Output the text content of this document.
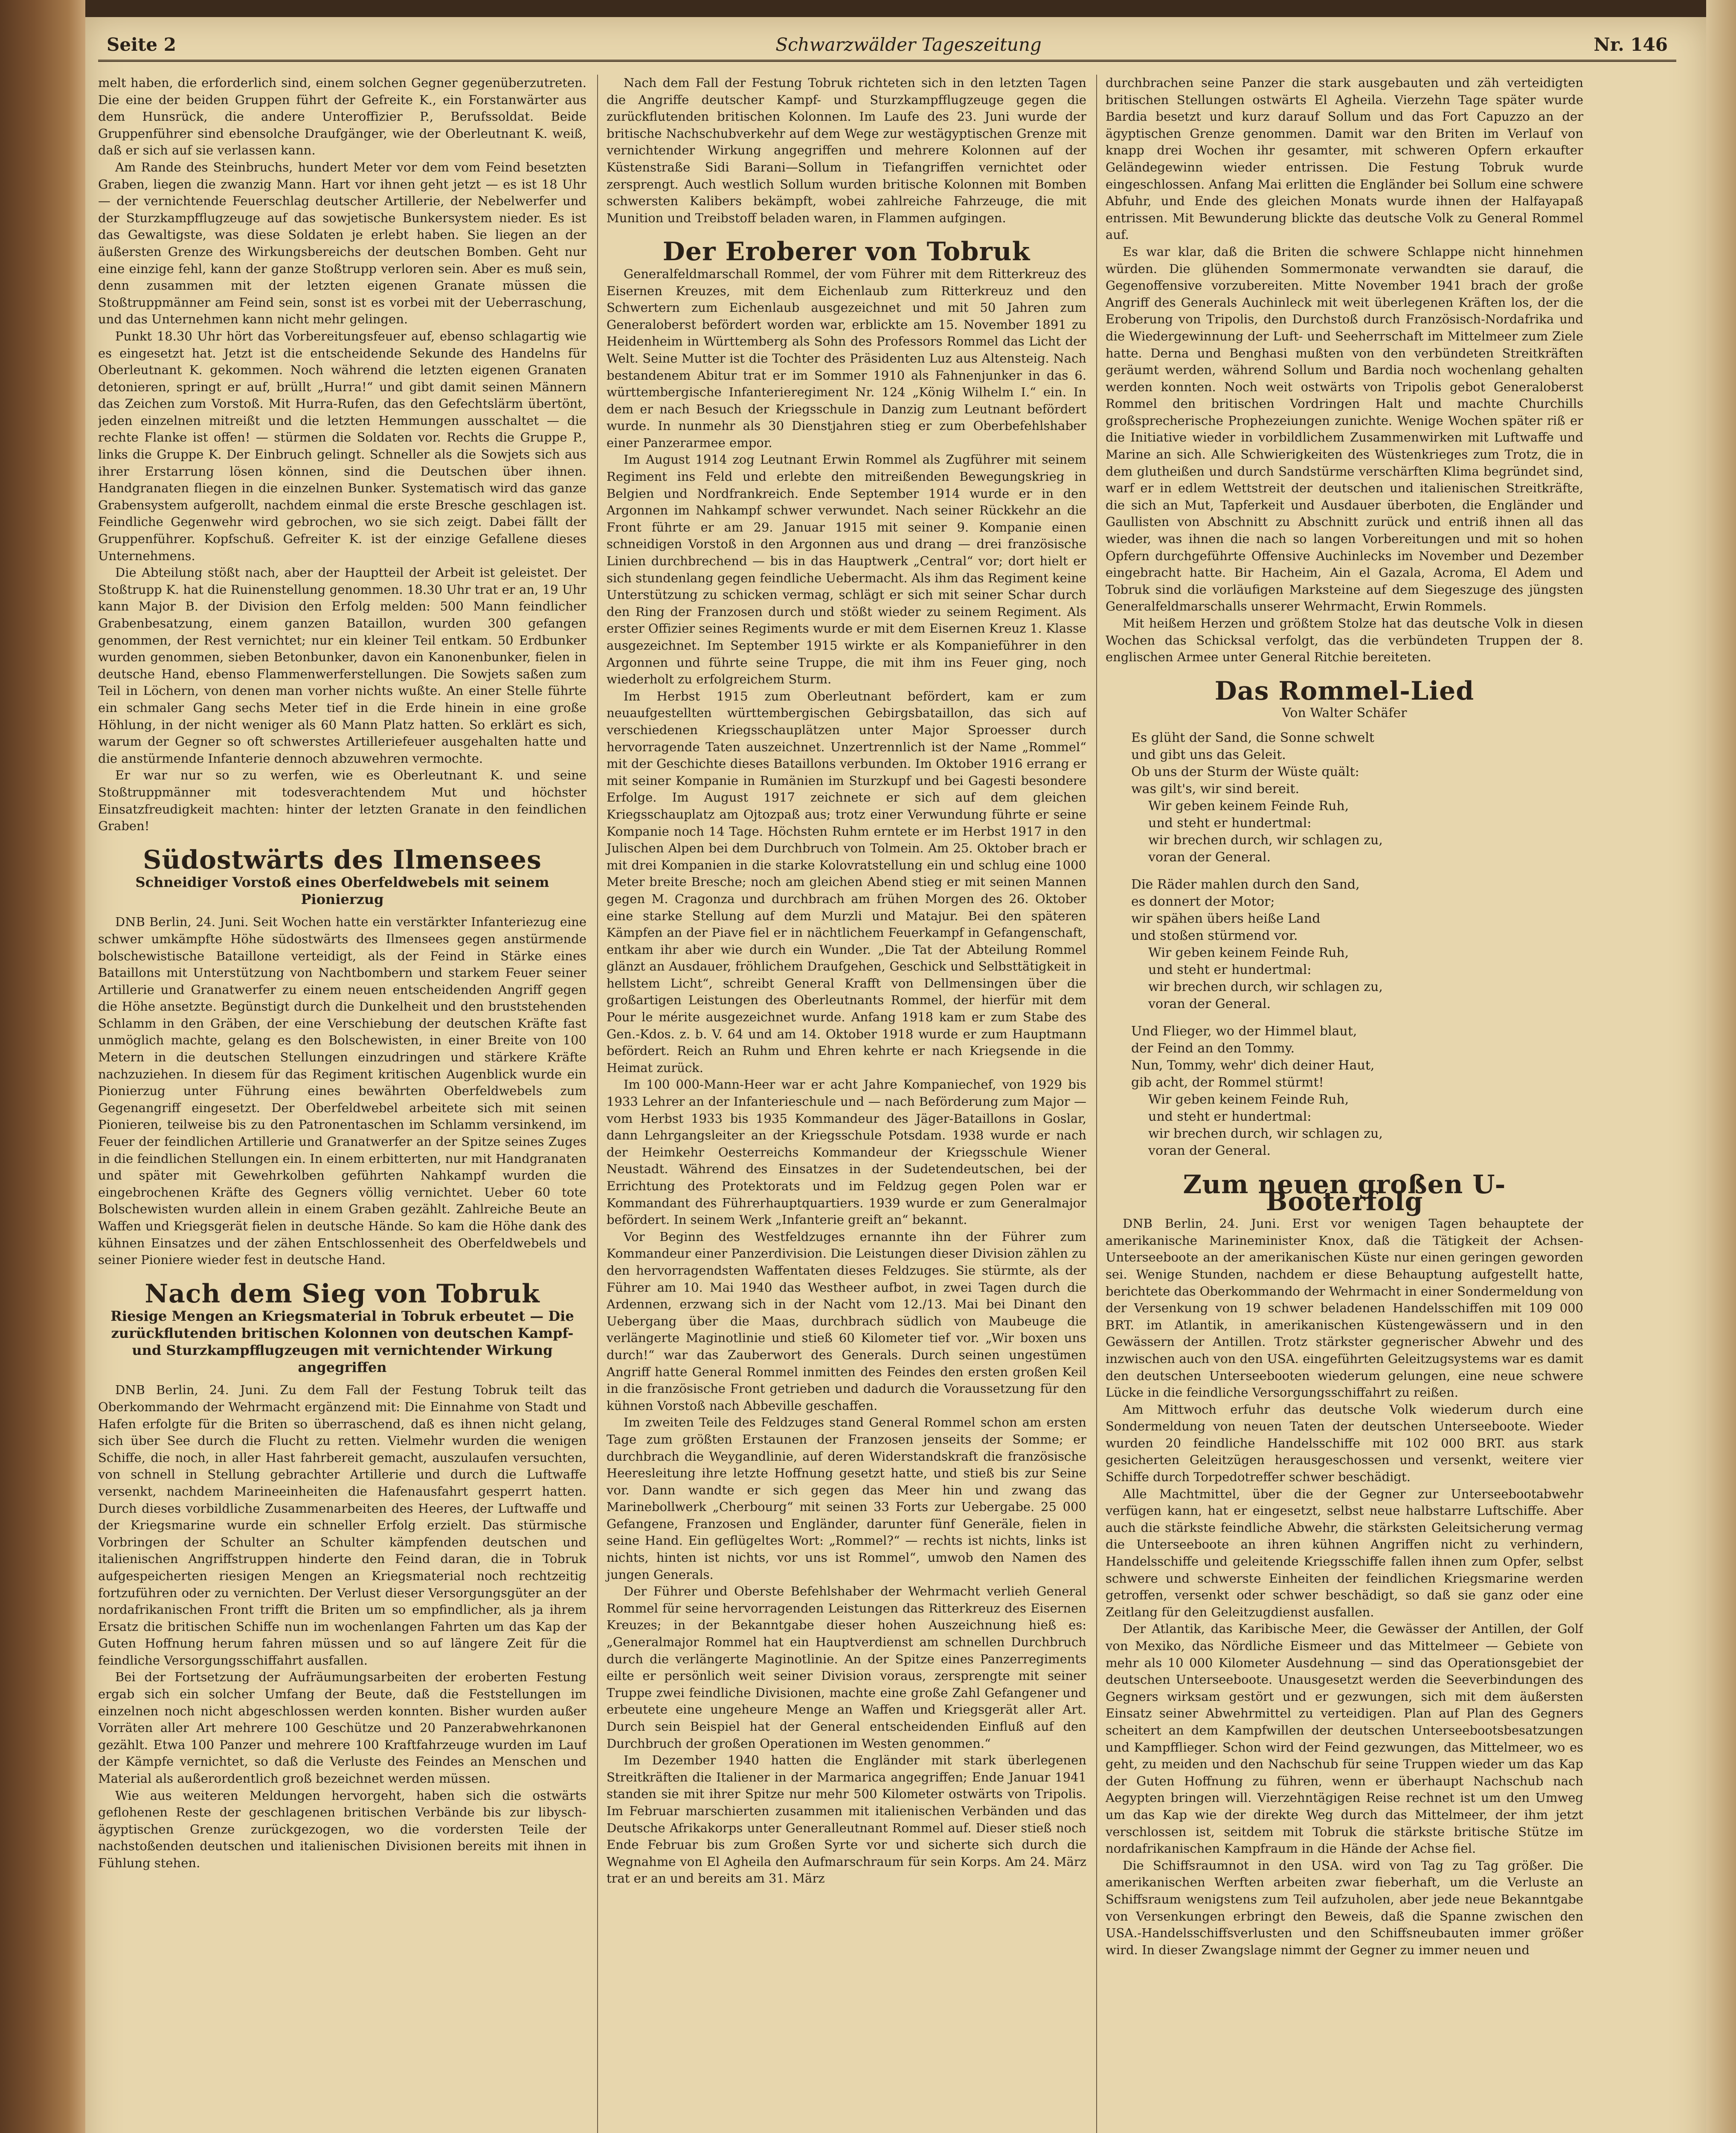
Seite 2	Schwarzwälder Tageszeitung	Nr. 146

melt haben, die erforderlich sind, einem solchen Gegner gegenüberzutreten. Die eine der beiden Gruppen führt der Gefreite K., ein Forstanwärter aus dem Hunsrück, die andere Unteroffizier P., Berufssoldat. Beide Gruppenführer sind ebensolche Draufgänger, wie der Oberleutnant K. weiß, daß er sich auf sie verlassen kann.

Am Rande des Steinbruchs, hundert Meter vor dem vom Feind besetzten Graben, liegen die zwanzig Mann. Hart vor ihnen geht jetzt — es ist 18 Uhr — der vernichtende Feuerschlag deutscher Artillerie, der Nebelwerfer und der Sturzkampfflugzeuge auf das sowjetische Bunkersystem nieder. Es ist das Gewaltigste, was diese Soldaten je erlebt haben. Sie liegen an der äußersten Grenze des Wirkungsbereichs der deutschen Bomben. Geht nur eine einzige fehl, kann der ganze Stoßtrupp verloren sein. Aber es muß sein, denn zusammen mit der letzten eigenen Granate müssen die Stoßtruppmänner am Feind sein, sonst ist es vorbei mit der Ueberraschung, und das Unternehmen kann nicht mehr gelingen.

Punkt 18.30 Uhr hört das Vorbereitungsfeuer auf, ebenso schlagartig wie es eingesetzt hat. Jetzt ist die entscheidende Sekunde des Handelns für Oberleutnant K. gekommen. Noch während die letzten eigenen Granaten detonieren, springt er auf, brüllt „Hurra!“ und gibt damit seinen Männern das Zeichen zum Vorstoß. Mit Hurra-Rufen, das den Gefechtslärm übertönt, jeden einzelnen mitreißt und die letzten Hemmungen ausschaltet — die rechte Flanke ist offen! — stürmen die Soldaten vor. Rechts die Gruppe P., links die Gruppe K. Der Einbruch gelingt. Schneller als die Sowjets sich aus ihrer Erstarrung lösen können, sind die Deutschen über ihnen. Handgranaten fliegen in die einzelnen Bunker. Systematisch wird das ganze Grabensystem aufgerollt, nachdem einmal die erste Bresche geschlagen ist. Feindliche Gegenwehr wird gebrochen, wo sie sich zeigt. Dabei fällt der Gruppenführer. Kopfschuß. Gefreiter K. ist der einzige Gefallene dieses Unternehmens.

Die Abteilung stößt nach, aber der Hauptteil der Arbeit ist geleistet. Der Stoßtrupp K. hat die Ruinenstellung genommen. 18.30 Uhr trat er an, 19 Uhr kann Major B. der Division den Erfolg melden: 500 Mann feindlicher Grabenbesatzung, einem ganzen Bataillon, wurden 300 gefangen genommen, der Rest vernichtet; nur ein kleiner Teil entkam. 50 Erdbunker wurden genommen, sieben Betonbunker, davon ein Kanonenbunker, fielen in deutsche Hand, ebenso Flammenwerferstellungen. Die Sowjets saßen zum Teil in Löchern, von denen man vorher nichts wußte. An einer Stelle führte ein schmaler Gang sechs Meter tief in die Erde hinein in eine große Höhlung, in der nicht weniger als 60 Mann Platz hatten. So erklärt es sich, warum der Gegner so oft schwerstes Artilleriefeuer ausgehalten hatte und die anstürmende Infanterie dennoch abzuwehren vermochte.

Er war nur so zu werfen, wie es Oberleutnant K. und seine Stoßtruppmänner mit todesverachtendem Mut und höchster Einsatzfreudigkeit machten: hinter der letzten Granate in den feindlichen Graben!

Südostwärts des Ilmensees
Schneidiger Vorstoß eines Oberfeldwebels mit seinem Pionierzug

DNB Berlin, 24. Juni. Seit Wochen hatte ein verstärkter Infanteriezug eine schwer umkämpfte Höhe südostwärts des Ilmensees gegen anstürmende bolschewistische Bataillone verteidigt, als der Feind in Stärke eines Bataillons mit Unterstützung von Nachtbombern und starkem Feuer seiner Artillerie und Granatwerfer zu einem neuen entscheidenden Angriff gegen die Höhe ansetzte. Begünstigt durch die Dunkelheit und den bruststehenden Schlamm in den Gräben, der eine Verschiebung der deutschen Kräfte fast unmöglich machte, gelang es den Bolschewisten, in einer Breite von 100 Metern in die deutschen Stellungen einzudringen und stärkere Kräfte nachzuziehen. In diesem für das Regiment kritischen Augenblick wurde ein Pionierzug unter Führung eines bewährten Oberfeldwebels zum Gegenangriff eingesetzt. Der Oberfeldwebel arbeitete sich mit seinen Pionieren, teilweise bis zu den Patronentaschen im Schlamm versinkend, im Feuer der feindlichen Artillerie und Granatwerfer an der Spitze seines Zuges in die feindlichen Stellungen ein. In einem erbitterten, nur mit Handgranaten und später mit Gewehrkolben geführten Nahkampf wurden die eingebrochenen Kräfte des Gegners völlig vernichtet. Ueber 60 tote Bolschewisten wurden allein in einem Graben gezählt. Zahlreiche Beute an Waffen und Kriegsgerät fielen in deutsche Hände. So kam die Höhe dank des kühnen Einsatzes und der zähen Entschlossenheit des Oberfeldwebels und seiner Pioniere wieder fest in deutsche Hand.

Nach dem Sieg von Tobruk
Riesige Mengen an Kriegsmaterial in Tobruk erbeutet — Die zurückflutenden britischen Kolonnen von deutschen Kampf- und Sturzkampfflugzeugen mit vernichtender Wirkung angegriffen

DNB Berlin, 24. Juni. Zu dem Fall der Festung Tobruk teilt das Oberkommando der Wehrmacht ergänzend mit: Die Einnahme von Stadt und Hafen erfolgte für die Briten so überraschend, daß es ihnen nicht gelang, sich über See durch die Flucht zu retten. Vielmehr wurden die wenigen Schiffe, die noch, in aller Hast fahrbereit gemacht, auszulaufen versuchten, von schnell in Stellung gebrachter Artillerie und durch die Luftwaffe versenkt, nachdem Marineeinheiten die Hafenausfahrt gesperrt hatten. Durch dieses vorbildliche Zusammenarbeiten des Heeres, der Luftwaffe und der Kriegsmarine wurde ein schneller Erfolg erzielt. Das stürmische Vorbringen der Schulter an Schulter kämpfenden deutschen und italienischen Angriffstruppen hinderte den Feind daran, die in Tobruk aufgespeicherten riesigen Mengen an Kriegsmaterial noch rechtzeitig fortzuführen oder zu vernichten. Der Verlust dieser Versorgungsgüter an der nordafrikanischen Front trifft die Briten um so empfindlicher, als ja ihrem Ersatz die britischen Schiffe nun im wochenlangen Fahrten um das Kap der Guten Hoffnung herum fahren müssen und so auf längere Zeit für die feindliche Versorgungsschiffahrt ausfallen.

Bei der Fortsetzung der Aufräumungsarbeiten der eroberten Festung ergab sich ein solcher Umfang der Beute, daß die Feststellungen im einzelnen noch nicht abgeschlossen werden konnten. Bisher wurden außer Vorräten aller Art mehrere 100 Geschütze und 20 Panzerabwehrkanonen gezählt. Etwa 100 Panzer und mehrere 100 Kraftfahrzeuge wurden im Lauf der Kämpfe vernichtet, so daß die Verluste des Feindes an Menschen und Material als außerordentlich groß bezeichnet werden müssen.

Wie aus weiteren Meldungen hervorgeht, haben sich die ostwärts geflohenen Reste der geschlagenen britischen Verbände bis zur libysch-ägyptischen Grenze zurückgezogen, wo die vordersten Teile der nachstoßenden deutschen und italienischen Divisionen bereits mit ihnen in Fühlung stehen.

Nach dem Fall der Festung Tobruk richteten sich in den letzten Tagen die Angriffe deutscher Kampf- und Sturzkampfflugzeuge gegen die zurückflutenden britischen Kolonnen. Im Laufe des 23. Juni wurde der britische Nachschubverkehr auf dem Wege zur westägyptischen Grenze mit vernichtender Wirkung angegriffen und mehrere Kolonnen auf der Küstenstraße Sidi Barani—Sollum in Tiefangriffen vernichtet oder zersprengt. Auch westlich Sollum wurden britische Kolonnen mit Bomben schwersten Kalibers bekämpft, wobei zahlreiche Fahrzeuge, die mit Munition und Treibstoff beladen waren, in Flammen aufgingen.

Der Eroberer von Tobruk

Generalfeldmarschall Rommel, der vom Führer mit dem Ritterkreuz des Eisernen Kreuzes, mit dem Eichenlaub zum Ritterkreuz und den Schwertern zum Eichenlaub ausgezeichnet und mit 50 Jahren zum Generaloberst befördert worden war, erblickte am 15. November 1891 zu Heidenheim in Württemberg als Sohn des Professors Rommel das Licht der Welt. Seine Mutter ist die Tochter des Präsidenten Luz aus Altensteig. Nach bestandenem Abitur trat er im Sommer 1910 als Fahnenjunker in das 6. württembergische Infanterieregiment Nr. 124 „König Wilhelm I.“ ein. In dem er nach Besuch der Kriegsschule in Danzig zum Leutnant befördert wurde. In nunmehr als 30 Dienstjahren stieg er zum Oberbefehlshaber einer Panzerarmee empor.

Im August 1914 zog Leutnant Erwin Rommel als Zugführer mit seinem Regiment ins Feld und erlebte den mitreißenden Bewegungskrieg in Belgien und Nordfrankreich. Ende September 1914 wurde er in den Argonnen im Nahkampf schwer verwundet. Nach seiner Rückkehr an die Front führte er am 29. Januar 1915 mit seiner 9. Kompanie einen schneidigen Vorstoß in den Argonnen aus und drang — drei französische Linien durchbrechend — bis in das Hauptwerk „Central“ vor; dort hielt er sich stundenlang gegen feindliche Uebermacht. Als ihm das Regiment keine Unterstützung zu schicken vermag, schlägt er sich mit seiner Schar durch den Ring der Franzosen durch und stößt wieder zu seinem Regiment. Als erster Offizier seines Regiments wurde er mit dem Eisernen Kreuz 1. Klasse ausgezeichnet. Im September 1915 wirkte er als Kompanieführer in den Argonnen und führte seine Truppe, die mit ihm ins Feuer ging, noch wiederholt zu erfolgreichem Sturm.

Im Herbst 1915 zum Oberleutnant befördert, kam er zum neuaufgestellten württembergischen Gebirgsbataillon, das sich auf verschiedenen Kriegsschauplätzen unter Major Sproesser durch hervorragende Taten auszeichnet. Unzertrennlich ist der Name „Rommel“ mit der Geschichte dieses Bataillons verbunden. Im Oktober 1916 errang er mit seiner Kompanie in Rumänien im Sturzkupf und bei Gagesti besondere Erfolge. Im August 1917 zeichnete er sich auf dem gleichen Kriegsschauplatz am Ojtozpaß aus; trotz einer Verwundung führte er seine Kompanie noch 14 Tage. Höchsten Ruhm erntete er im Herbst 1917 in den Julischen Alpen bei dem Durchbruch von Tolmein. Am 25. Oktober brach er mit drei Kompanien in die starke Kolovratstellung ein und schlug eine 1000 Meter breite Bresche; noch am gleichen Abend stieg er mit seinen Mannen gegen M. Cragonza und durchbrach am frühen Morgen des 26. Oktober eine starke Stellung auf dem Murzli und Matajur. Bei den späteren Kämpfen an der Piave fiel er in nächtlichem Feuerkampf in Gefangenschaft, entkam ihr aber wie durch ein Wunder. „Die Tat der Abteilung Rommel glänzt an Ausdauer, fröhlichem Draufgehen, Geschick und Selbsttätigkeit in hellstem Licht“, schreibt General Krafft von Dellmensingen über die großartigen Leistungen des Oberleutnants Rommel, der hierfür mit dem Pour le mérite ausgezeichnet wurde. Anfang 1918 kam er zum Stabe des Gen.-Kdos. z. b. V. 64 und am 14. Oktober 1918 wurde er zum Hauptmann befördert. Reich an Ruhm und Ehren kehrte er nach Kriegsende in die Heimat zurück.

Im 100 000-Mann-Heer war er acht Jahre Kompaniechef, von 1929 bis 1933 Lehrer an der Infanterieschule und — nach Beförderung zum Major — vom Herbst 1933 bis 1935 Kommandeur des Jäger-Bataillons in Goslar, dann Lehrgangsleiter an der Kriegsschule Potsdam. 1938 wurde er nach der Heimkehr Oesterreichs Kommandeur der Kriegsschule Wiener Neustadt. Während des Einsatzes in der Sudetendeutschen, bei der Errichtung des Protektorats und im Feldzug gegen Polen war er Kommandant des Führerhauptquartiers. 1939 wurde er zum Generalmajor befördert. In seinem Werk „Infanterie greift an“ bekannt.

Vor Beginn des Westfeldzuges ernannte ihn der Führer zum Kommandeur einer Panzerdivision. Die Leistungen dieser Division zählen zu den hervorragendsten Waffentaten dieses Feldzuges. Sie stürmte, als der Führer am 10. Mai 1940 das Westheer aufbot, in zwei Tagen durch die Ardennen, erzwang sich in der Nacht vom 12./13. Mai bei Dinant den Uebergang über die Maas, durchbrach südlich von Maubeuge die verlängerte Maginotlinie und stieß 60 Kilometer tief vor. „Wir boxen uns durch!“ war das Zauberwort des Generals. Durch seinen ungestümen Angriff hatte General Rommel inmitten des Feindes den ersten großen Keil in die französische Front getrieben und dadurch die Voraussetzung für den kühnen Vorstoß nach Abbeville geschaffen.

Im zweiten Teile des Feldzuges stand General Rommel schon am ersten Tage zum größten Erstaunen der Franzosen jenseits der Somme; er durchbrach die Weygandlinie, auf deren Widerstandskraft die französische Heeresleitung ihre letzte Hoffnung gesetzt hatte, und stieß bis zur Seine vor. Dann wandte er sich gegen das Meer hin und zwang das Marinebollwerk „Cherbourg“ mit seinen 33 Forts zur Uebergabe. 25 000 Gefangene, Franzosen und Engländer, darunter fünf Generäle, fielen in seine Hand. Ein geflügeltes Wort: „Rommel?“ — rechts ist nichts, links ist nichts, hinten ist nichts, vor uns ist Rommel“, umwob den Namen des jungen Generals.

Der Führer und Oberste Befehlshaber der Wehrmacht verlieh General Rommel für seine hervorragenden Leistungen das Ritterkreuz des Eisernen Kreuzes; in der Bekanntgabe dieser hohen Auszeichnung hieß es: „Generalmajor Rommel hat ein Hauptverdienst am schnellen Durchbruch durch die verlängerte Maginotlinie. An der Spitze eines Panzerregiments eilte er persönlich weit seiner Division voraus, zersprengte mit seiner Truppe zwei feindliche Divisionen, machte eine große Zahl Gefangener und erbeutete eine ungeheure Menge an Waffen und Kriegsgerät aller Art. Durch sein Beispiel hat der General entscheidenden Einfluß auf den Durchbruch der großen Operationen im Westen genommen.“

Im Dezember 1940 hatten die Engländer mit stark überlegenen Streitkräften die Italiener in der Marmarica angegriffen; Ende Januar 1941 standen sie mit ihrer Spitze nur mehr 500 Kilometer ostwärts von Tripolis. Im Februar marschierten zusammen mit italienischen Verbänden und das Deutsche Afrikakorps unter Generalleutnant Rommel auf. Dieser stieß noch Ende Februar bis zum Großen Syrte vor und sicherte sich durch die Wegnahme von El Agheila den Aufmarschraum für sein Korps. Am 24. März trat er an und bereits am 31. März

durchbrachen seine Panzer die stark ausgebauten und zäh verteidigten britischen Stellungen ostwärts El Agheila. Vierzehn Tage später wurde Bardia besetzt und kurz darauf Sollum und das Fort Capuzzo an der ägyptischen Grenze genommen. Damit war den Briten im Verlauf von knapp drei Wochen ihr gesamter, mit schweren Opfern erkaufter Geländegewinn wieder entrissen. Die Festung Tobruk wurde eingeschlossen. Anfang Mai erlitten die Engländer bei Sollum eine schwere Abfuhr, und Ende des gleichen Monats wurde ihnen der Halfayapaß entrissen. Mit Bewunderung blickte das deutsche Volk zu General Rommel auf.

Es war klar, daß die Briten die schwere Schlappe nicht hinnehmen würden. Die glühenden Sommermonate verwandten sie darauf, die Gegenoffensive vorzubereiten. Mitte November 1941 brach der große Angriff des Generals Auchinleck mit weit überlegenen Kräften los, der die Eroberung von Tripolis, den Durchstoß durch Französisch-Nordafrika und die Wiedergewinnung der Luft- und Seeherrschaft im Mittelmeer zum Ziele hatte. Derna und Benghasi mußten von den verbündeten Streitkräften geräumt werden, während Sollum und Bardia noch wochenlang gehalten werden konnten. Noch weit ostwärts von Tripolis gebot Generaloberst Rommel den britischen Vordringen Halt und machte Churchills großsprecherische Prophezeiungen zunichte. Wenige Wochen später riß er die Initiative wieder in vorbildlichem Zusammenwirken mit Luftwaffe und Marine an sich. Alle Schwierigkeiten des Wüstenkrieges zum Trotz, die in dem glutheißen und durch Sandstürme verschärften Klima begründet sind, warf er in edlem Wettstreit der deutschen und italienischen Streitkräfte, die sich an Mut, Tapferkeit und Ausdauer überboten, die Engländer und Gaullisten von Abschnitt zu Abschnitt zurück und entriß ihnen all das wieder, was ihnen die nach so langen Vorbereitungen und mit so hohen Opfern durchgeführte Offensive Auchinlecks im November und Dezember eingebracht hatte. Bir Hacheim, Ain el Gazala, Acroma, El Adem und Tobruk sind die vorläufigen Marksteine auf dem Siegeszuge des jüngsten Generalfeldmarschalls unserer Wehrmacht, Erwin Rommels.

Mit heißem Herzen und größtem Stolze hat das deutsche Volk in diesen Wochen das Schicksal verfolgt, das die verbündeten Truppen der 8. englischen Armee unter General Ritchie bereiteten.

Das Rommel-Lied
Von Walter Schäfer
Es glüht der Sand, die Sonne schwelt
und gibt uns das Geleit.
Ob uns der Sturm der Wüste quält:
was gilt's, wir sind bereit.
Wir geben keinem Feinde Ruh,
und steht er hundertmal:
wir brechen durch, wir schlagen zu,
voran der General.
Die Räder mahlen durch den Sand,
es donnert der Motor;
wir spähen übers heiße Land
und stoßen stürmend vor.
Wir geben keinem Feinde Ruh,
und steht er hundertmal:
wir brechen durch, wir schlagen zu,
voran der General.
Und Flieger, wo der Himmel blaut,
der Feind an den Tommy.
Nun, Tommy, wehr' dich deiner Haut,
gib acht, der Rommel stürmt!
Wir geben keinem Feinde Ruh,
und steht er hundertmal:
wir brechen durch, wir schlagen zu,
voran der General.
Zum neuen großen U-Booterfolg

DNB Berlin, 24. Juni. Erst vor wenigen Tagen behauptete der amerikanische Marineminister Knox, daß die Tätigkeit der Achsen-Unterseeboote an der amerikanischen Küste nur einen geringen geworden sei. Wenige Stunden, nachdem er diese Behauptung aufgestellt hatte, berichtete das Oberkommando der Wehrmacht in einer Sondermeldung von der Versenkung von 19 schwer beladenen Handelsschiffen mit 109 000 BRT. im Atlantik, in amerikanischen Küstengewässern und in den Gewässern der Antillen. Trotz stärkster gegnerischer Abwehr und des inzwischen auch von den USA. eingeführten Geleitzugsystems war es damit den deutschen Unterseebooten wiederum gelungen, eine neue schwere Lücke in die feindliche Versorgungsschiffahrt zu reißen.

Am Mittwoch erfuhr das deutsche Volk wiederum durch eine Sondermeldung von neuen Taten der deutschen Unterseeboote. Wieder wurden 20 feindliche Handelsschiffe mit 102 000 BRT. aus stark gesicherten Geleitzügen herausgeschossen und versenkt, weitere vier Schiffe durch Torpedotreffer schwer beschädigt.

Alle Machtmittel, über die der Gegner zur Unterseebootabwehr verfügen kann, hat er eingesetzt, selbst neue halbstarre Luftschiffe. Aber auch die stärkste feindliche Abwehr, die stärksten Geleitsicherung vermag die Unterseeboote an ihren kühnen Angriffen nicht zu verhindern, Handelsschiffe und geleitende Kriegsschiffe fallen ihnen zum Opfer, selbst schwere und schwerste Einheiten der feindlichen Kriegsmarine werden getroffen, versenkt oder schwer beschädigt, so daß sie ganz oder eine Zeitlang für den Geleitzugdienst ausfallen.

Der Atlantik, das Karibische Meer, die Gewässer der Antillen, der Golf von Mexiko, das Nördliche Eismeer und das Mittelmeer — Gebiete von mehr als 10 000 Kilometer Ausdehnung — sind das Operationsgebiet der deutschen Unterseeboote. Unausgesetzt werden die Seeverbindungen des Gegners wirksam gestört und er gezwungen, sich mit dem äußersten Einsatz seiner Abwehrmittel zu verteidigen. Plan auf Plan des Gegners scheitert an dem Kampfwillen der deutschen Unterseebootsbesatzungen und Kampfflieger. Schon wird der Feind gezwungen, das Mittelmeer, wo es geht, zu meiden und den Nachschub für seine Truppen wieder um das Kap der Guten Hoffnung zu führen, wenn er überhaupt Nachschub nach Aegypten bringen will. Vierzehntägigen Reise rechnet ist um den Umweg um das Kap wie der direkte Weg durch das Mittelmeer, der ihm jetzt verschlossen ist, seitdem mit Tobruk die stärkste britische Stütze im nordafrikanischen Kampfraum in die Hände der Achse fiel.

Die Schiffsraumnot in den USA. wird von Tag zu Tag größer. Die amerikanischen Werften arbeiten zwar fieberhaft, um die Verluste an Schiffsraum wenigstens zum Teil aufzuholen, aber jede neue Bekanntgabe von Versenkungen erbringt den Beweis, daß die Spanne zwischen den USA.-Handelsschiffsverlusten und den Schiffsneubauten immer größer wird. In dieser Zwangslage nimmt der Gegner zu immer neuen und
